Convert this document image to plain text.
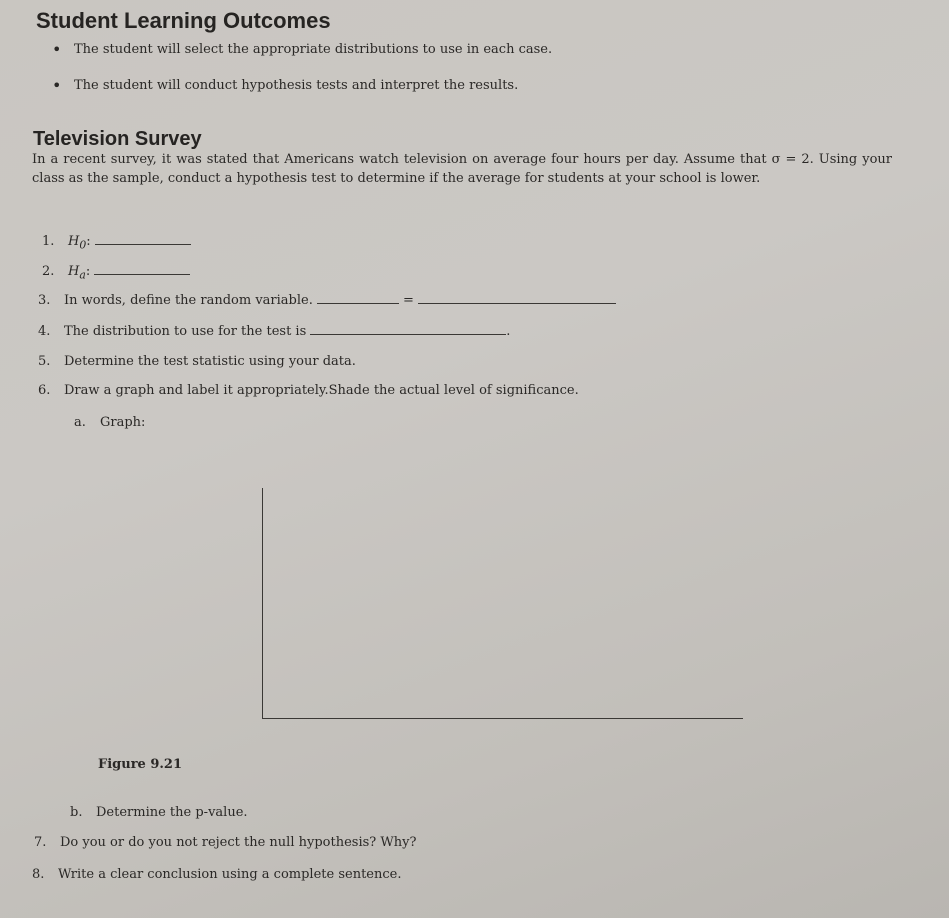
Student Learning Outcomes
• The student will select the appropriate distributions to use in each case.
• The student will conduct hypothesis tests and interpret the results.
Television Survey
In a recent survey, it was stated that Americans watch television on average four hours per day. Assume that σ = 2. Using your class as the sample, conduct a hypothesis test to determine if the average for students at your school is lower.
1. $H_0$:
2. $H_a$:
3. In words, define the random variable.	=
4. The distribution to use for the test is	.
5. Determine the test statistic using your data.
6. Draw a graph and label it appropriately.Shade the actual level of significance.
a. Graph:
Figure 9.21
b. Determine the p-value.
7. Do you or do you not reject the null hypothesis? Why?
8. Write a clear conclusion using a complete sentence.
